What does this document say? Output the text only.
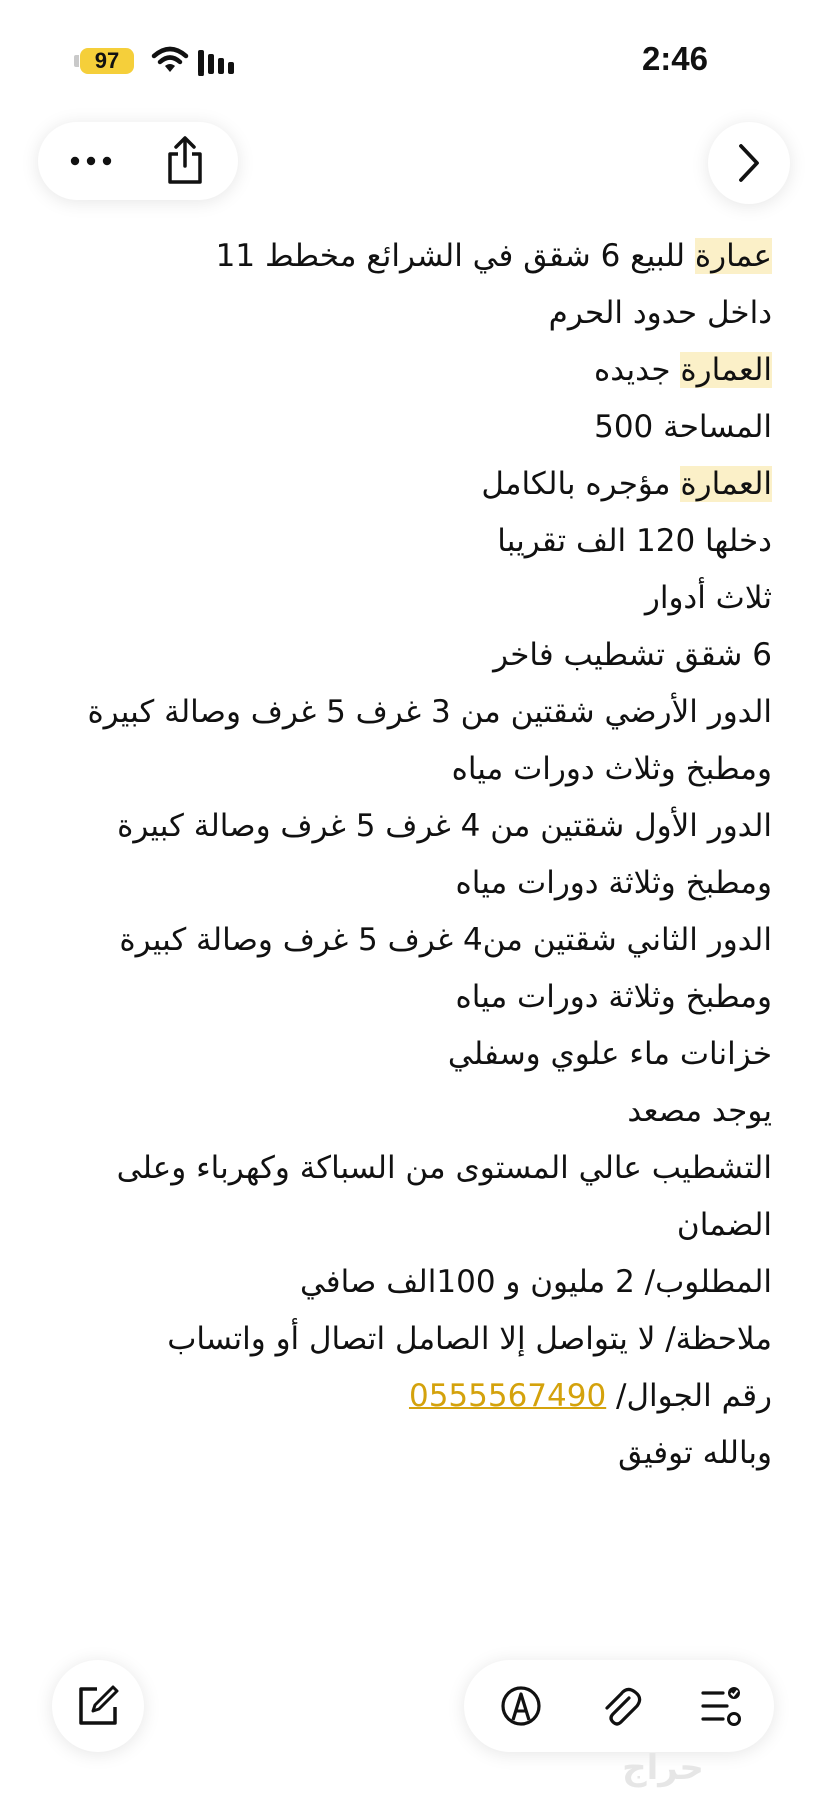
97	2:46
عمارة للبيع 6 شقق في الشرائع مخطط 11
داخل حدود الحرم
العمارة جديده
المساحة 500
العمارة مؤجره بالكامل
دخلها 120 الف تقريبا
ثلاث أدوار
6 شقق تشطيب فاخر
الدور الأرضي شقتين من 3 غرف 5 غرف وصالة كبيرة
ومطبخ وثلاث دورات مياه
الدور الأول شقتين من 4 غرف 5 غرف وصالة كبيرة
ومطبخ وثلاثة دورات مياه
الدور الثاني شقتين من4 غرف 5 غرف وصالة كبيرة
ومطبخ وثلاثة دورات مياه
خزانات ماء علوي وسفلي
يوجد مصعد
التشطيب عالي المستوى من السباكة وكهرباء وعلى
الضمان
المطلوب/ 2 مليون و 100الف صافي
ملاحظة/ لا يتواصل إلا الصامل اتصال أو واتساب
رقم الجوال/ 0555567490
وبالله توفيق
حراج
